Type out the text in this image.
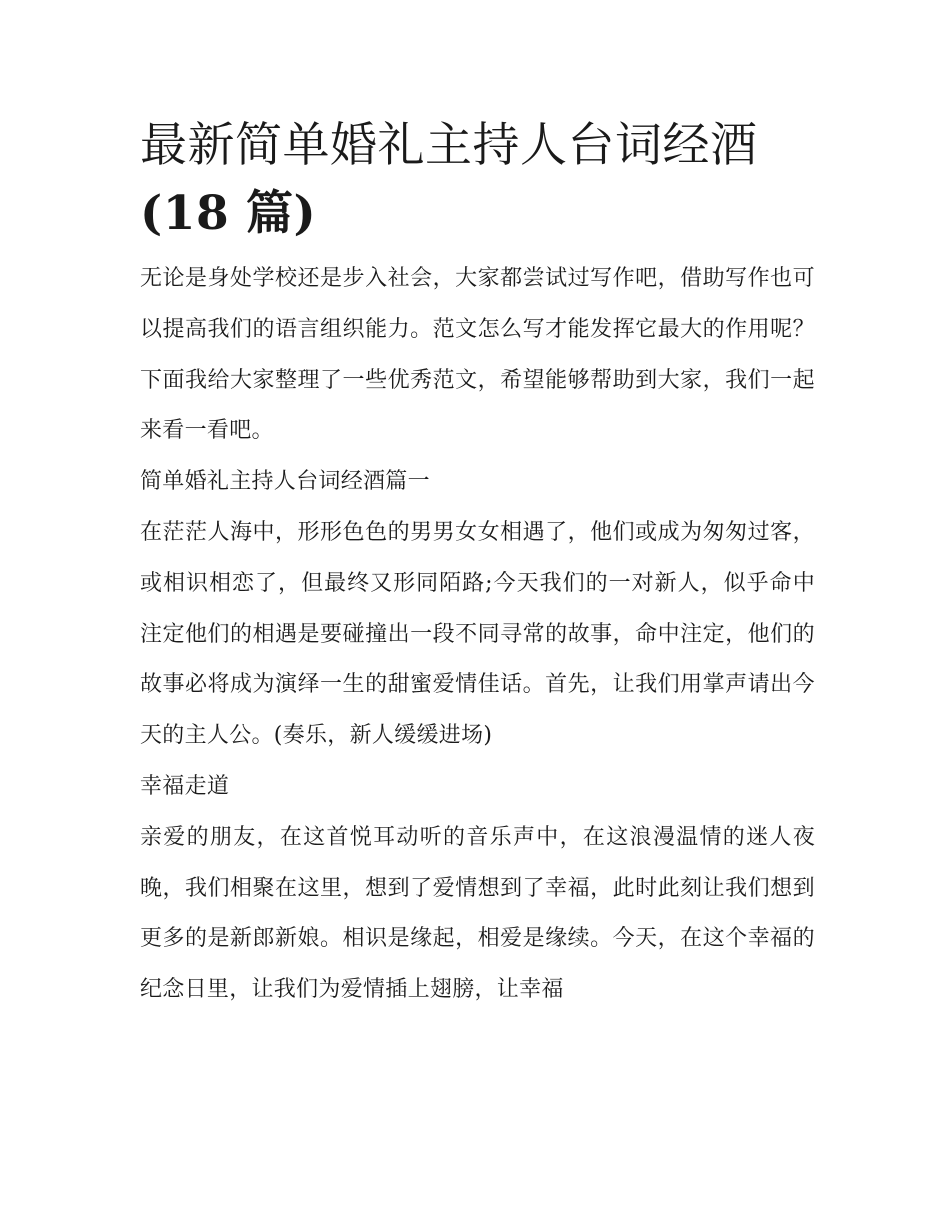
最新简单婚礼主持人台词经酒
(18 篇)

无论是身处学校还是步入社会，大家都尝试过写作吧，借助写作也可以提高我们的语言组织能力。范文怎么写才能发挥它最大的作用呢？下面我给大家整理了一些优秀范文，希望能够帮助到大家，我们一起来看一看吧。

简单婚礼主持人台词经酒篇一

在茫茫人海中，形形色色的男男女女相遇了，他们或成为匆匆过客，或相识相恋了，但最终又形同陌路;今天我们的一对新人，似乎命中注定他们的相遇是要碰撞出一段不同寻常的故事，命中注定，他们的故事必将成为演绎一生的甜蜜爱情佳话。首先，让我们用掌声请出今天的主人公。(奏乐，新人缓缓进场)

幸福走道

亲爱的朋友，在这首悦耳动听的音乐声中，在这浪漫温情的迷人夜晚，我们相聚在这里，想到了爱情想到了幸福，此时此刻让我们想到更多的是新郎新娘。相识是缘起，相爱是缘续。今天，在这个幸福的纪念日里，让我们为爱情插上翅膀，让幸福
